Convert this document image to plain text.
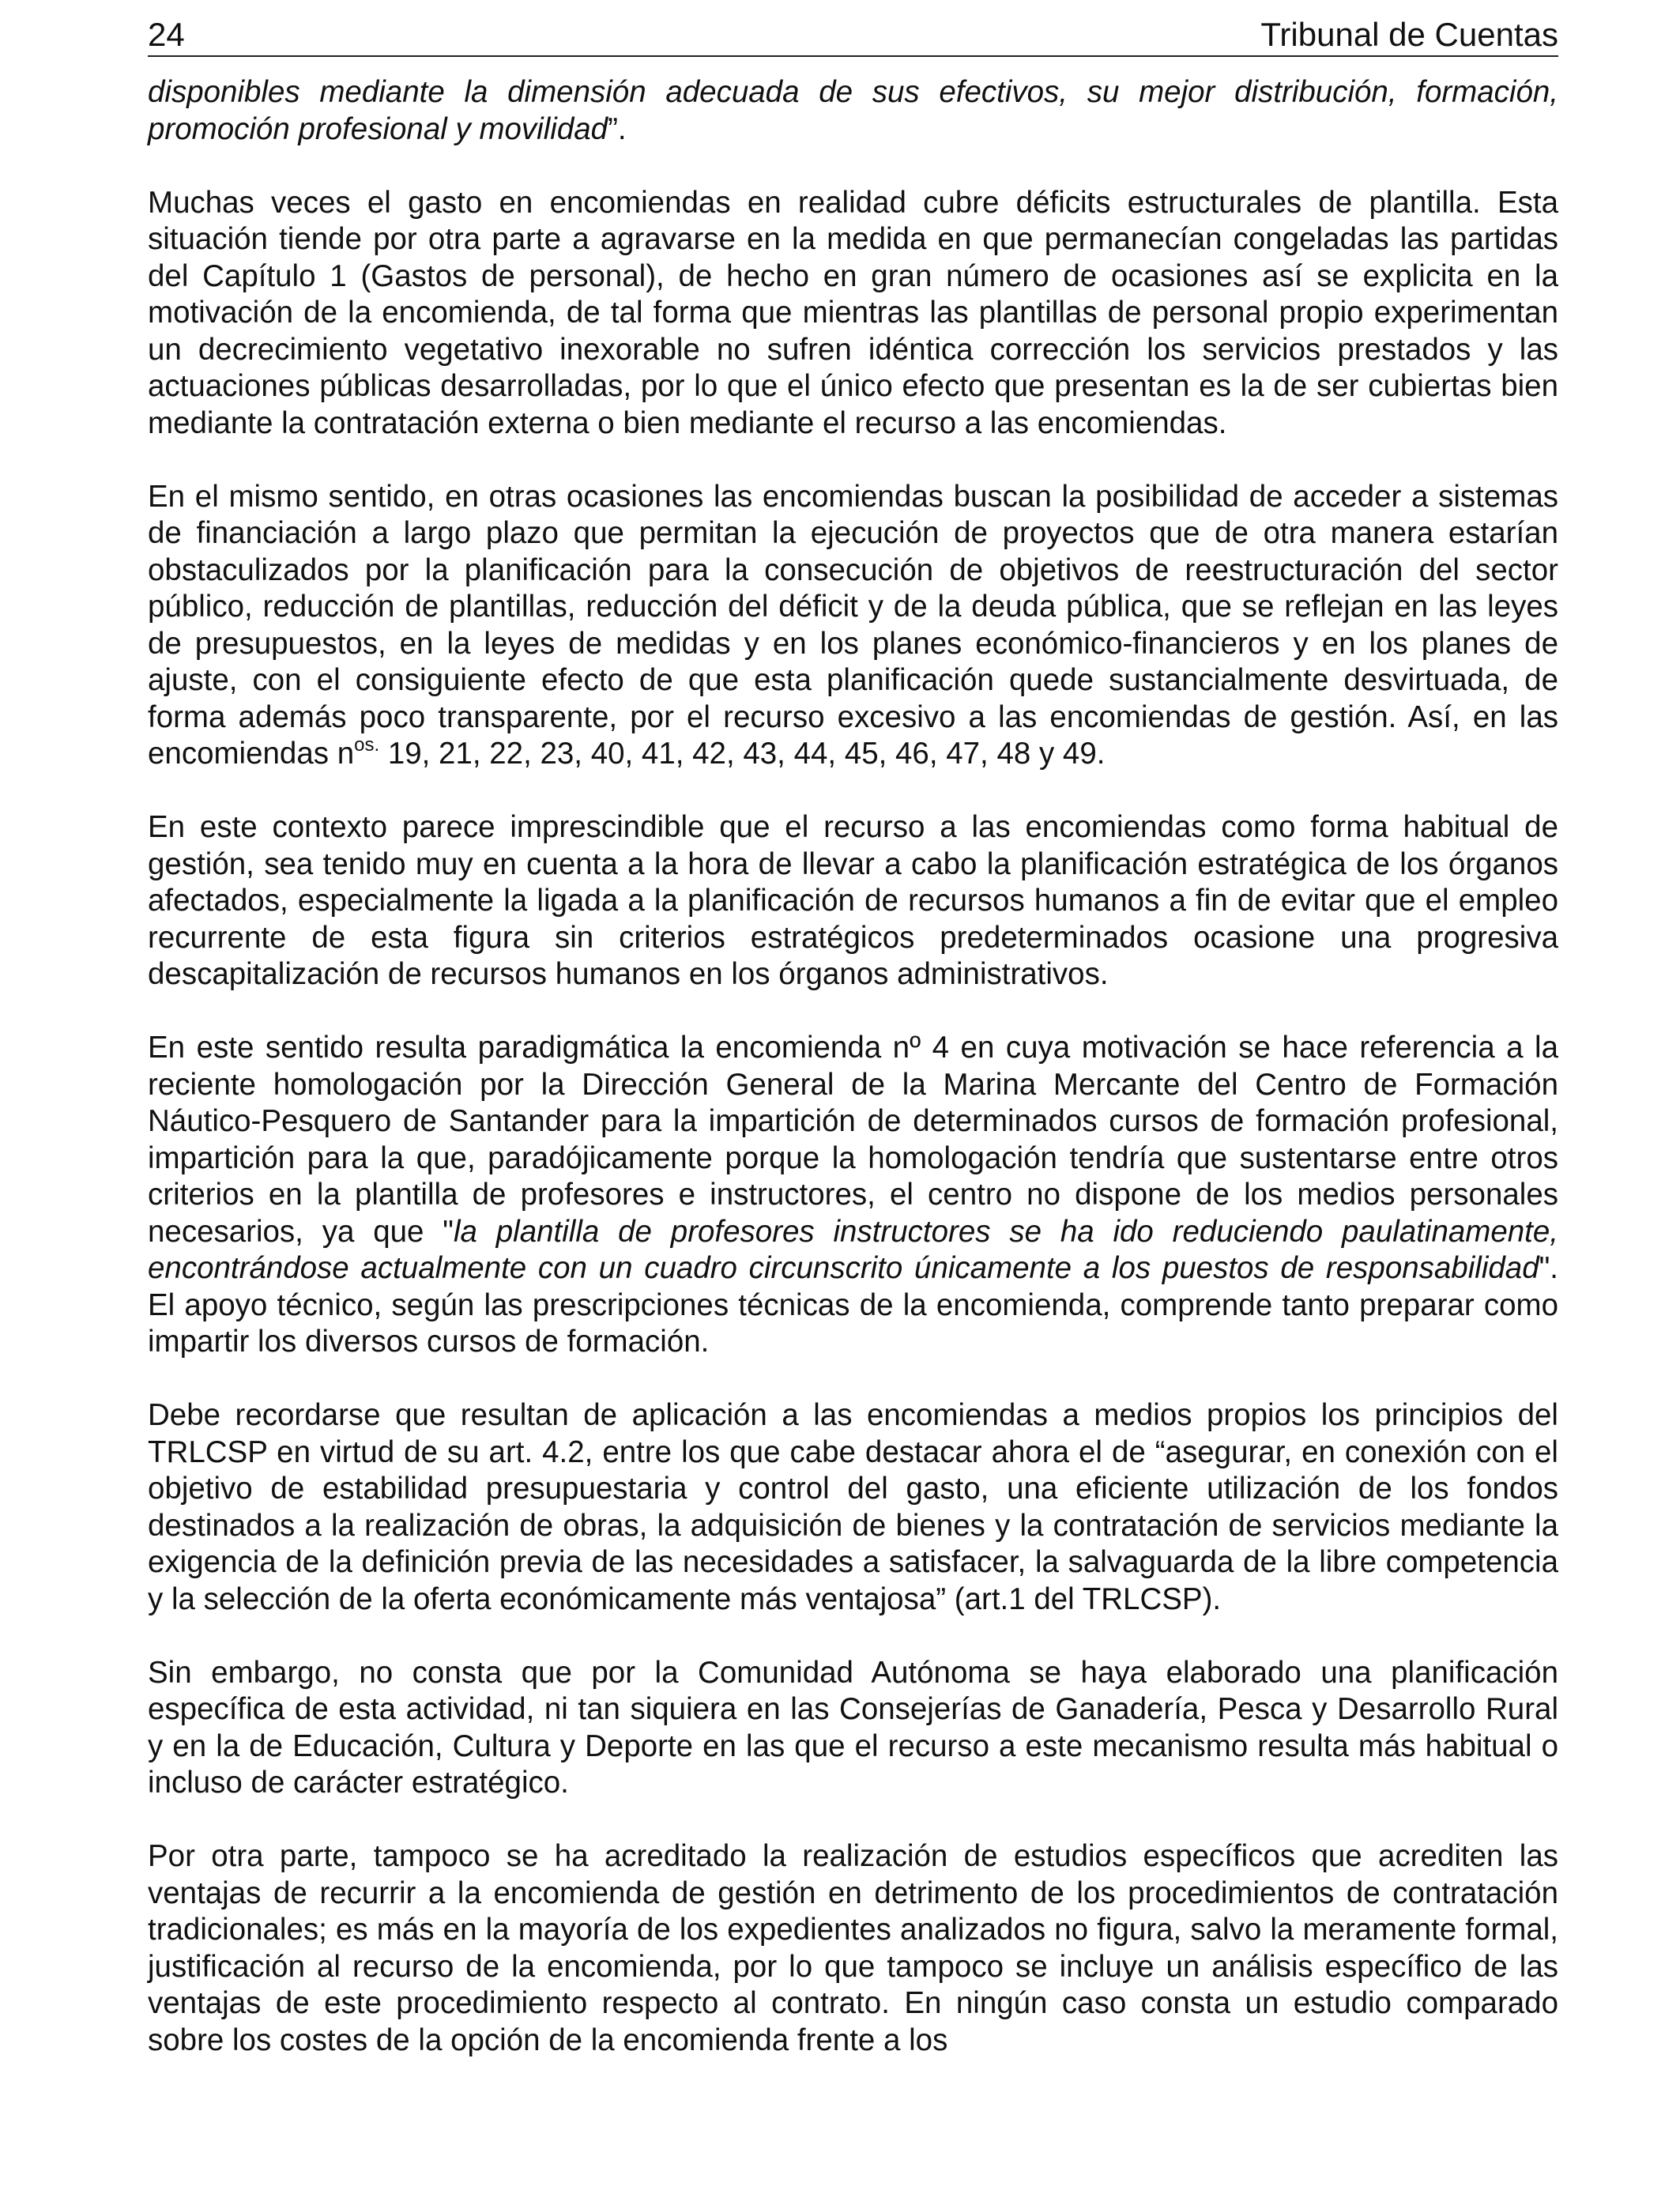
24	Tribunal de Cuentas

disponibles mediante la dimensión adecuada de sus efectivos, su mejor distribución, formación, promoción profesional y movilidad”.

Muchas veces el gasto en encomiendas en realidad cubre déficits estructurales de plantilla. Esta situación tiende por otra parte a agravarse en la medida en que permanecían congeladas las partidas del Capítulo 1 (Gastos de personal), de hecho en gran número de ocasiones así se explicita en la motivación de la encomienda, de tal forma que mientras las plantillas de personal propio experimentan un decrecimiento vegetativo inexorable no sufren idéntica corrección los servicios prestados y las actuaciones públicas desarrolladas, por lo que el único efecto que presentan es la de ser cubiertas bien mediante la contratación externa o bien mediante el recurso a las encomiendas.

En el mismo sentido, en otras ocasiones las encomiendas buscan la posibilidad de acceder a sistemas de financiación a largo plazo que permitan la ejecución de proyectos que de otra manera estarían obstaculizados por la planificación para la consecución de objetivos de reestructuración del sector público, reducción de plantillas, reducción del déficit y de la deuda pública, que se reflejan en las leyes de presupuestos, en la leyes de medidas y en los planes económico-financieros y en los planes de ajuste, con el consiguiente efecto de que esta planificación quede sustancialmente desvirtuada, de forma además poco transparente, por el recurso excesivo a las encomiendas de gestión. Así, en las encomiendas $n^{os.}$ 19, 21, 22, 23, 40, 41, 42, 43, 44, 45, 46, 47, 48 y 49.

En este contexto parece imprescindible que el recurso a las encomiendas como forma habitual de gestión, sea tenido muy en cuenta a la hora de llevar a cabo la planificación estratégica de los órganos afectados, especialmente la ligada a la planificación de recursos humanos a fin de evitar que el empleo recurrente de esta figura sin criterios estratégicos predeterminados ocasione una progresiva descapitalización de recursos humanos en los órganos administrativos.

En este sentido resulta paradigmática la encomienda nº 4 en cuya motivación se hace referencia a la reciente homologación por la Dirección General de la Marina Mercante del Centro de Formación Náutico-Pesquero de Santander para la impartición de determinados cursos de formación profesional, impartición para la que, paradójicamente porque la homologación tendría que sustentarse entre otros criterios en la plantilla de profesores e instructores, el centro no dispone de los medios personales necesarios, ya que "la plantilla de profesores instructores se ha ido reduciendo paulatinamente, encontrándose actualmente con un cuadro circunscrito únicamente a los puestos de responsabilidad". El apoyo técnico, según las prescripciones técnicas de la encomienda, comprende tanto preparar como impartir los diversos cursos de formación.

Debe recordarse que resultan de aplicación a las encomiendas a medios propios los principios del TRLCSP en virtud de su art. 4.2, entre los que cabe destacar ahora el de “asegurar, en conexión con el objetivo de estabilidad presupuestaria y control del gasto, una eficiente utilización de los fondos destinados a la realización de obras, la adquisición de bienes y la contratación de servicios mediante la exigencia de la definición previa de las necesidades a satisfacer, la salvaguarda de la libre competencia y la selección de la oferta económicamente más ventajosa” (art.1 del TRLCSP).

Sin embargo, no consta que por la Comunidad Autónoma se haya elaborado una planificación específica de esta actividad, ni tan siquiera en las Consejerías de Ganadería, Pesca y Desarrollo Rural y en la de Educación, Cultura y Deporte en las que el recurso a este mecanismo resulta más habitual o incluso de carácter estratégico.

Por otra parte, tampoco se ha acreditado la realización de estudios específicos que acrediten las ventajas de recurrir a la encomienda de gestión en detrimento de los procedimientos de contratación tradicionales; es más en la mayoría de los expedientes analizados no figura, salvo la meramente formal, justificación al recurso de la encomienda, por lo que tampoco se incluye un análisis específico de las ventajas de este procedimiento respecto al contrato. En ningún caso consta un estudio comparado sobre los costes de la opción de la encomienda frente a los
